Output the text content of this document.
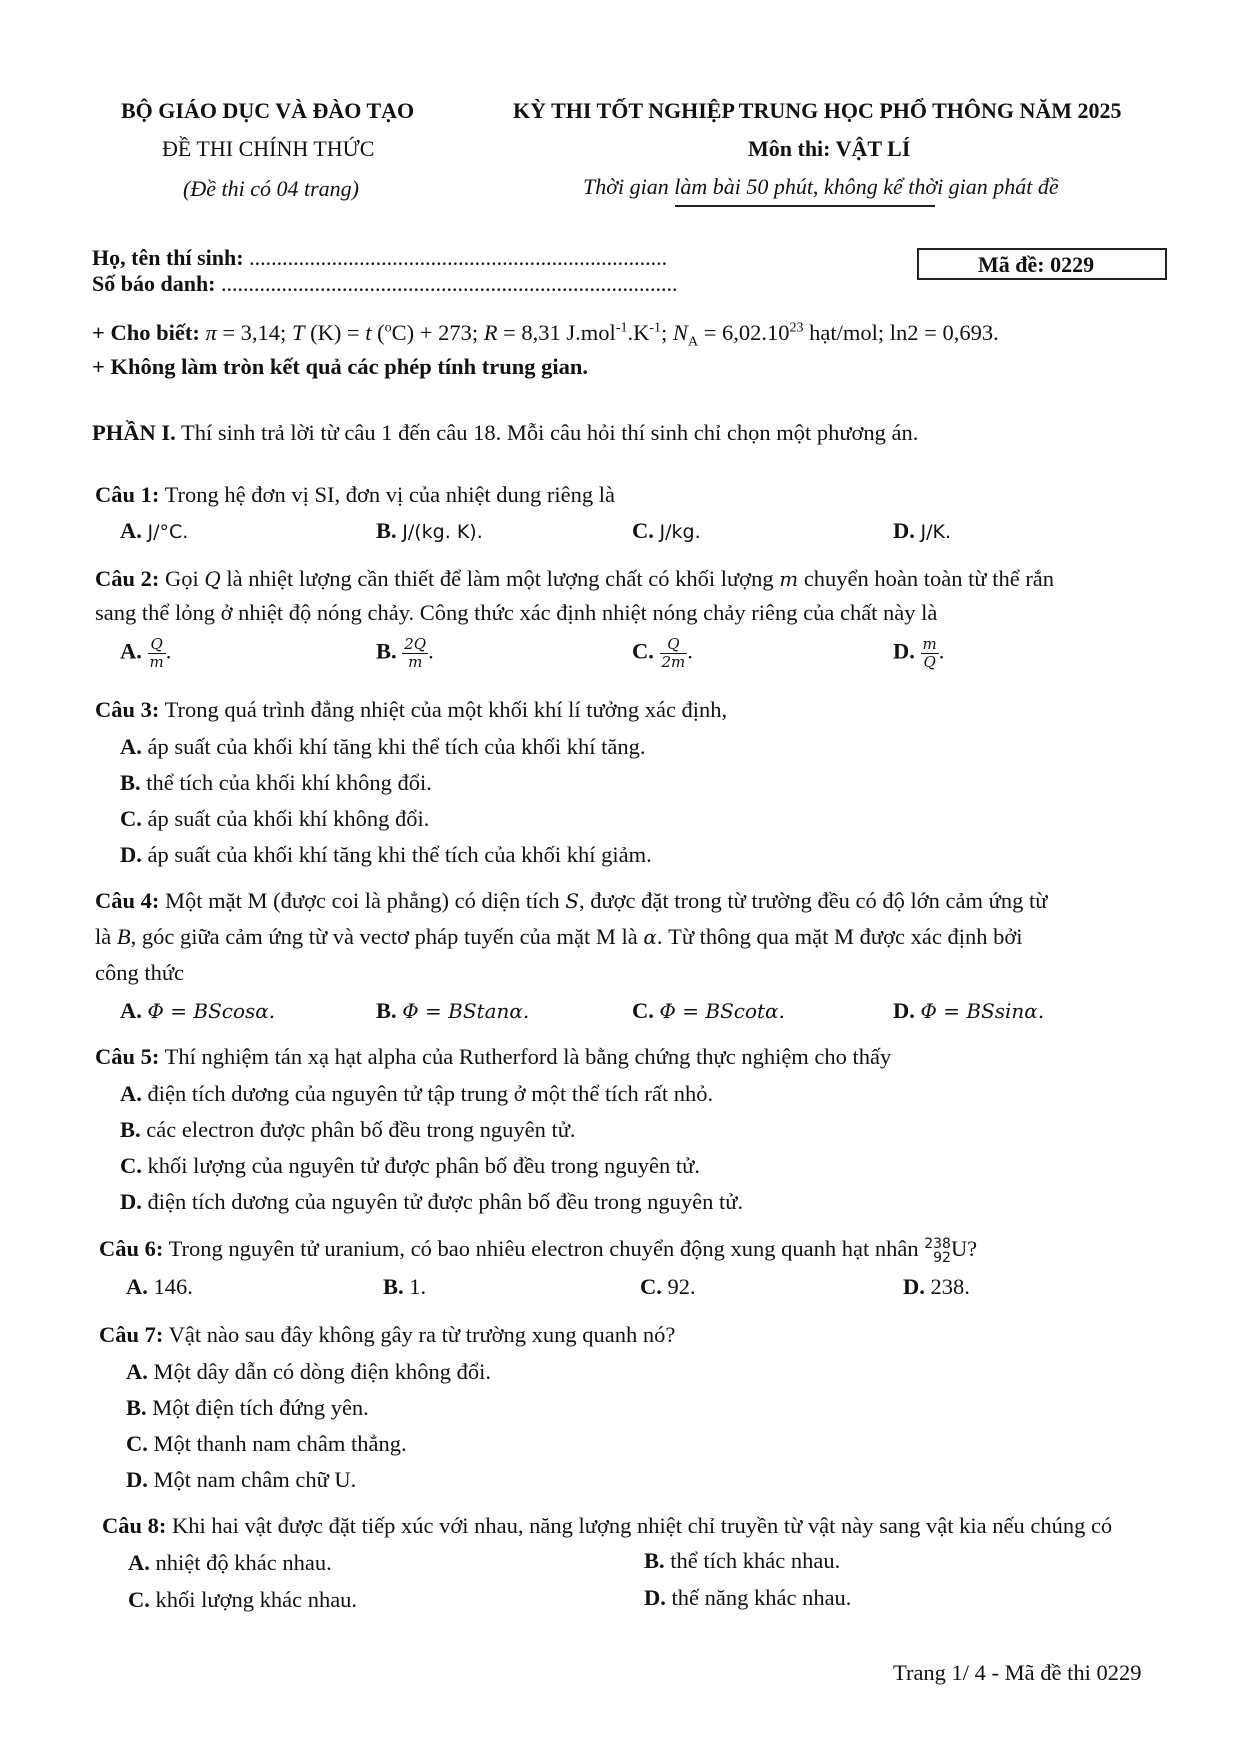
BỘ GIÁO DỤC VÀ ĐÀO TẠO
ĐỀ THI CHÍNH THỨC
(Đề thi có 04 trang)
KỲ THI TỐT NGHIỆP TRUNG HỌC PHỔ THÔNG NĂM 2025
Môn thi: VẬT LÍ
Thời gian làm bài 50 phút, không kể thời gian phát đề
Họ, tên thí sinh: ............................................................................
Số báo danh: ...................................................................................
Mã đề: 0229
+ Cho biết: π = 3,14; T (K) = t ($^o$C) + 273; R = 8,31 $J.mol^{-1}.K^{-1}$; $N_A = 6,02.10^{23}$ hạt/mol; ln2 = 0,693.
+ Không làm tròn kết quả các phép tính trung gian.
PHẦN I. Thí sinh trả lời từ câu 1 đến câu 18. Mỗi câu hỏi thí sinh chỉ chọn một phương án.
Câu 1: Trong hệ đơn vị SI, đơn vị của nhiệt dung riêng là
A. J/°C.	B. J/(kg. K).	C. J/kg.	D. J/K.
Câu 2: Gọi Q là nhiệt lượng cần thiết để làm một lượng chất có khối lượng m chuyển hoàn toàn từ thể rắn
sang thể lỏng ở nhiệt độ nóng chảy. Công thức xác định nhiệt nóng chảy riêng của chất này là
A. $\frac{Q}{m}$ .	B. $\frac{2Q}{m}$ .	C. $\frac{Q}{2m}$ .	D. $\frac{m}{Q}$ .
Câu 3: Trong quá trình đẳng nhiệt của một khối khí lí tưởng xác định,
A. áp suất của khối khí tăng khi thể tích của khối khí tăng.
B. thể tích của khối khí không đổi.
C. áp suất của khối khí không đổi.
D. áp suất của khối khí tăng khi thể tích của khối khí giảm.
Câu 4: Một mặt M (được coi là phẳng) có diện tích S, được đặt trong từ trường đều có độ lớn cảm ứng từ
là B, góc giữa cảm ứng từ và vectơ pháp tuyến của mặt M là α. Từ thông qua mặt M được xác định bởi
công thức
A. Φ = BScosα.	B. Φ = BStanα.	C. Φ = BScotα.	D. Φ = BSsinα.
Câu 5: Thí nghiệm tán xạ hạt alpha của Rutherford là bằng chứng thực nghiệm cho thấy
A. điện tích dương của nguyên tử tập trung ở một thể tích rất nhỏ.
B. các electron được phân bố đều trong nguyên tử.
C. khối lượng của nguyên tử được phân bố đều trong nguyên tử.
D. điện tích dương của nguyên tử được phân bố đều trong nguyên tử.
Câu 6: Trong nguyên tử uranium, có bao nhiêu electron chuyển động xung quanh hạt nhân 238
92 U?
A. 146.	B. 1.	C. 92.	D. 238.
Câu 7: Vật nào sau đây không gây ra từ trường xung quanh nó?
A. Một dây dẫn có dòng điện không đổi.
B. Một điện tích đứng yên.
C. Một thanh nam châm thẳng.
D. Một nam châm chữ U.
Câu 8: Khi hai vật được đặt tiếp xúc với nhau, năng lượng nhiệt chỉ truyền từ vật này sang vật kia nếu chúng có
A. nhiệt độ khác nhau.	B. thể tích khác nhau.
C. khối lượng khác nhau.	D. thế năng khác nhau.
Trang 1/ 4 - Mã đề thi 0229
